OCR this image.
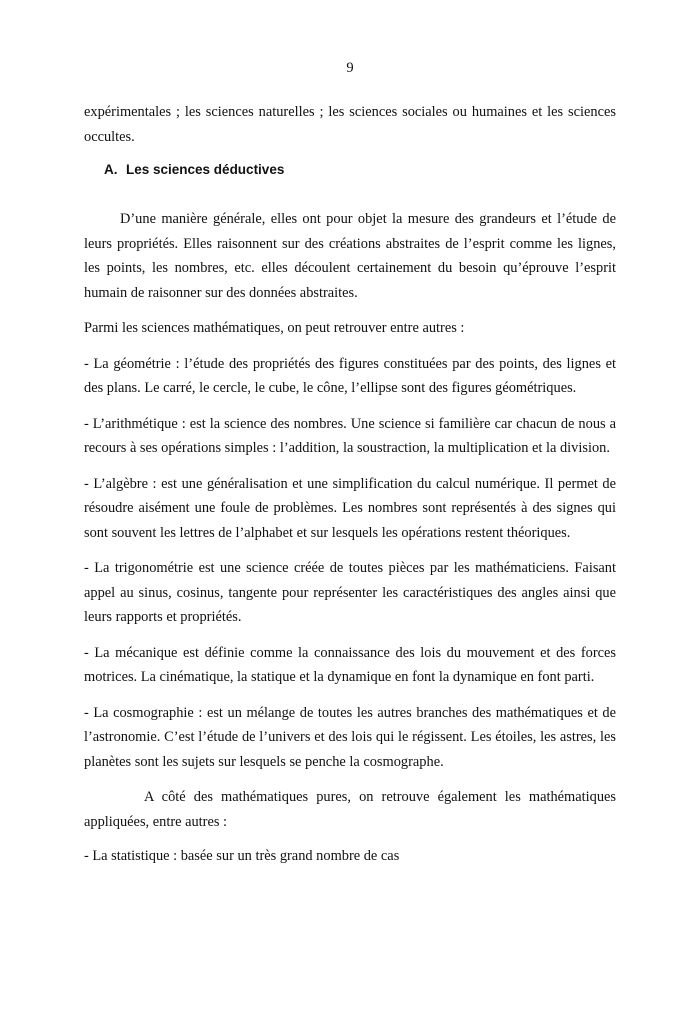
9

expérimentales ; les sciences naturelles ; les sciences sociales ou humaines et les sciences occultes.

A. Les sciences déductives

D’une manière générale, elles ont pour objet la mesure des grandeurs et l’étude de leurs propriétés. Elles raisonnent sur des créations abstraites de l’esprit comme les lignes, les points, les nombres, etc. elles découlent certainement du besoin qu’éprouve l’esprit humain de raisonner sur des données abstraites.

Parmi les sciences mathématiques, on peut retrouver entre autres :

- La géométrie : l’étude des propriétés des figures constituées par des points, des lignes et des plans. Le carré, le cercle, le cube, le cône, l’ellipse sont des figures géométriques.

- L’arithmétique : est la science des nombres. Une science si familière car chacun de nous a recours à ses opérations simples : l’addition, la soustraction, la multiplication et la division.

- L’algèbre : est une généralisation et une simplification du calcul numérique. Il permet de résoudre aisément une foule de problèmes. Les nombres sont représentés à des signes qui sont souvent les lettres de l’alphabet et sur lesquels les opérations restent théoriques.

- La trigonométrie est une science créée de toutes pièces par les mathématiciens. Faisant appel au sinus, cosinus, tangente pour représenter les caractéristiques des angles ainsi que leurs rapports et propriétés.

- La mécanique est définie comme la connaissance des lois du mouvement et des forces motrices. La cinématique, la statique et la dynamique en font la dynamique en font parti.

- La cosmographie : est un mélange de toutes les autres branches des mathématiques et de l’astronomie. C’est l’étude de l’univers et des lois qui le régissent. Les étoiles, les astres, les planètes sont les sujets sur lesquels se penche la cosmographe.

A côté des mathématiques pures, on retrouve également les mathématiques appliquées, entre autres :

- La statistique : basée sur un très grand nombre de cas
